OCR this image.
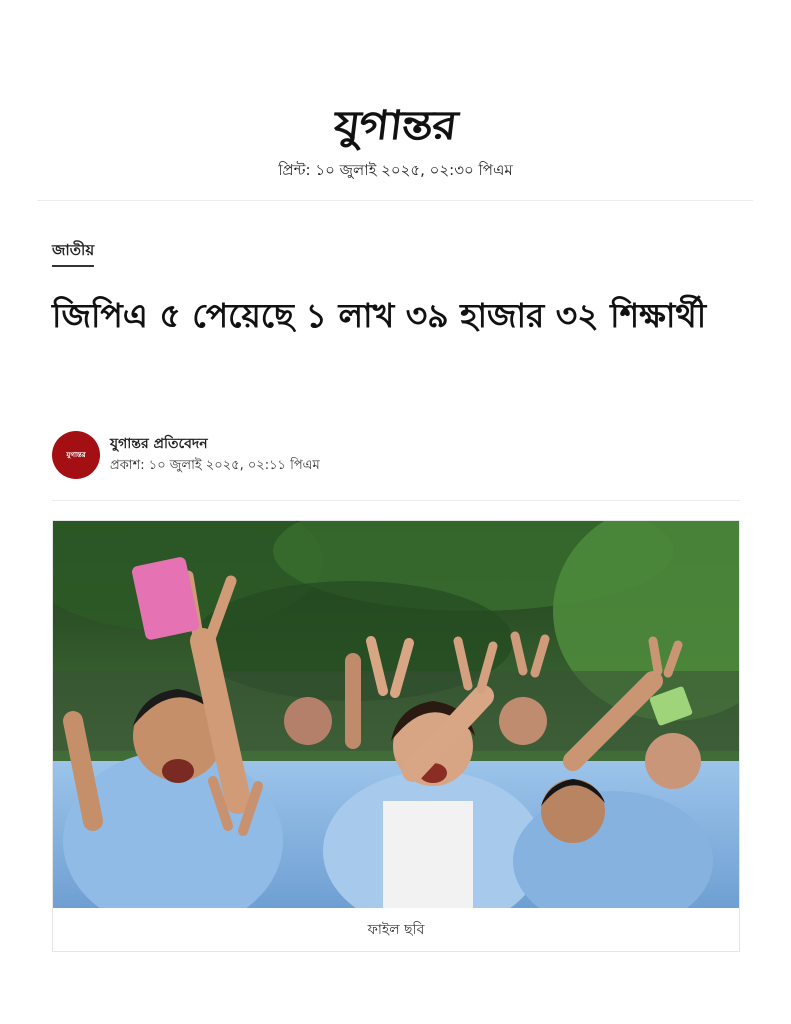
যুগান্তর
প্রিন্ট: ১০ জুলাই ২০২৫, ০২:৩০ পিএম
জাতীয়
জিপিএ ৫ পেয়েছে ১ লাখ ৩৯ হাজার ৩২ শিক্ষার্থী
যুগান্তর
যুগান্তর প্রতিবেদন
প্রকাশ: ১০ জুলাই ২০২৫, ০২:১১ পিএম
ফাইল ছবি
